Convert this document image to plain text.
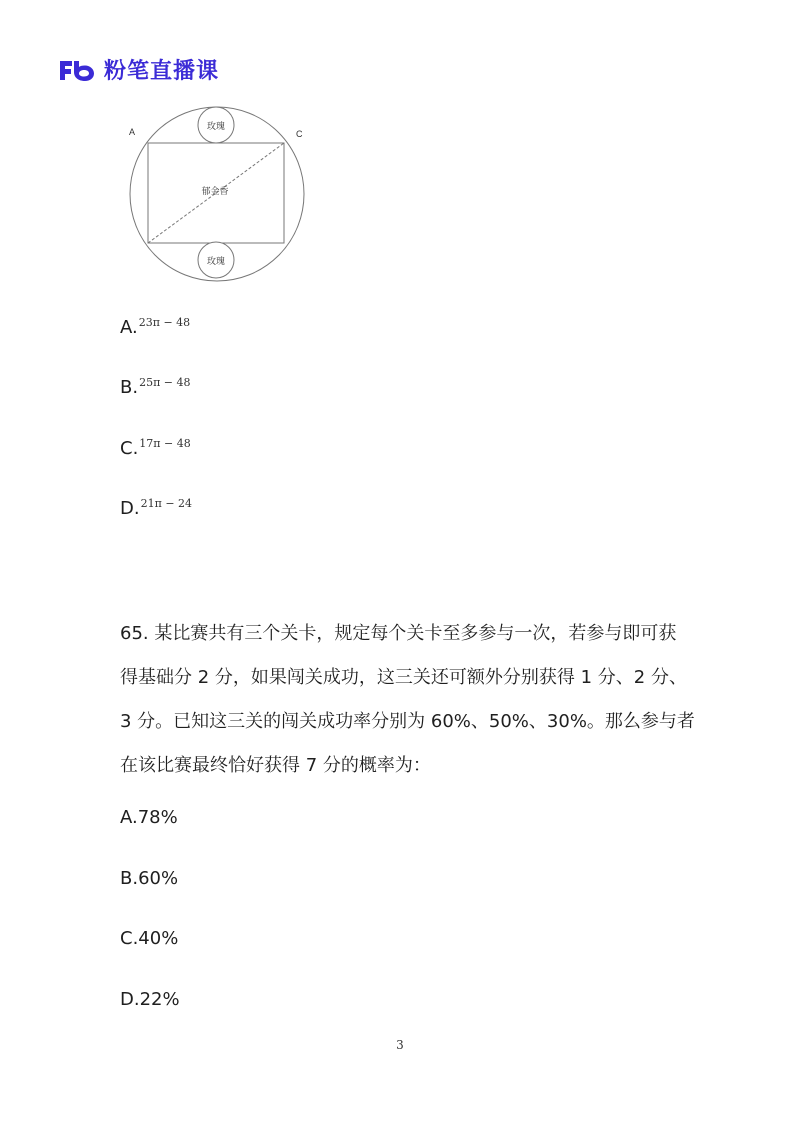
粉笔直播课
A	C
玫瑰
郁金香
玫瑰
A.$^{23\pi - 48}$
B.$^{25\pi - 48}$
C.$^{17\pi - 48}$
D.$^{21\pi - 24}$
65. 某比赛共有三个关卡，规定每个关卡至多参与一次，若参与即可获
得基础分 2 分，如果闯关成功，这三关还可额外分别获得 1 分、2 分、
3 分。已知这三关的闯关成功率分别为 60%、50%、30%。那么参与者
在该比赛最终恰好获得 7 分的概率为：
A.78%
B.60%
C.40%
D.22%
3
